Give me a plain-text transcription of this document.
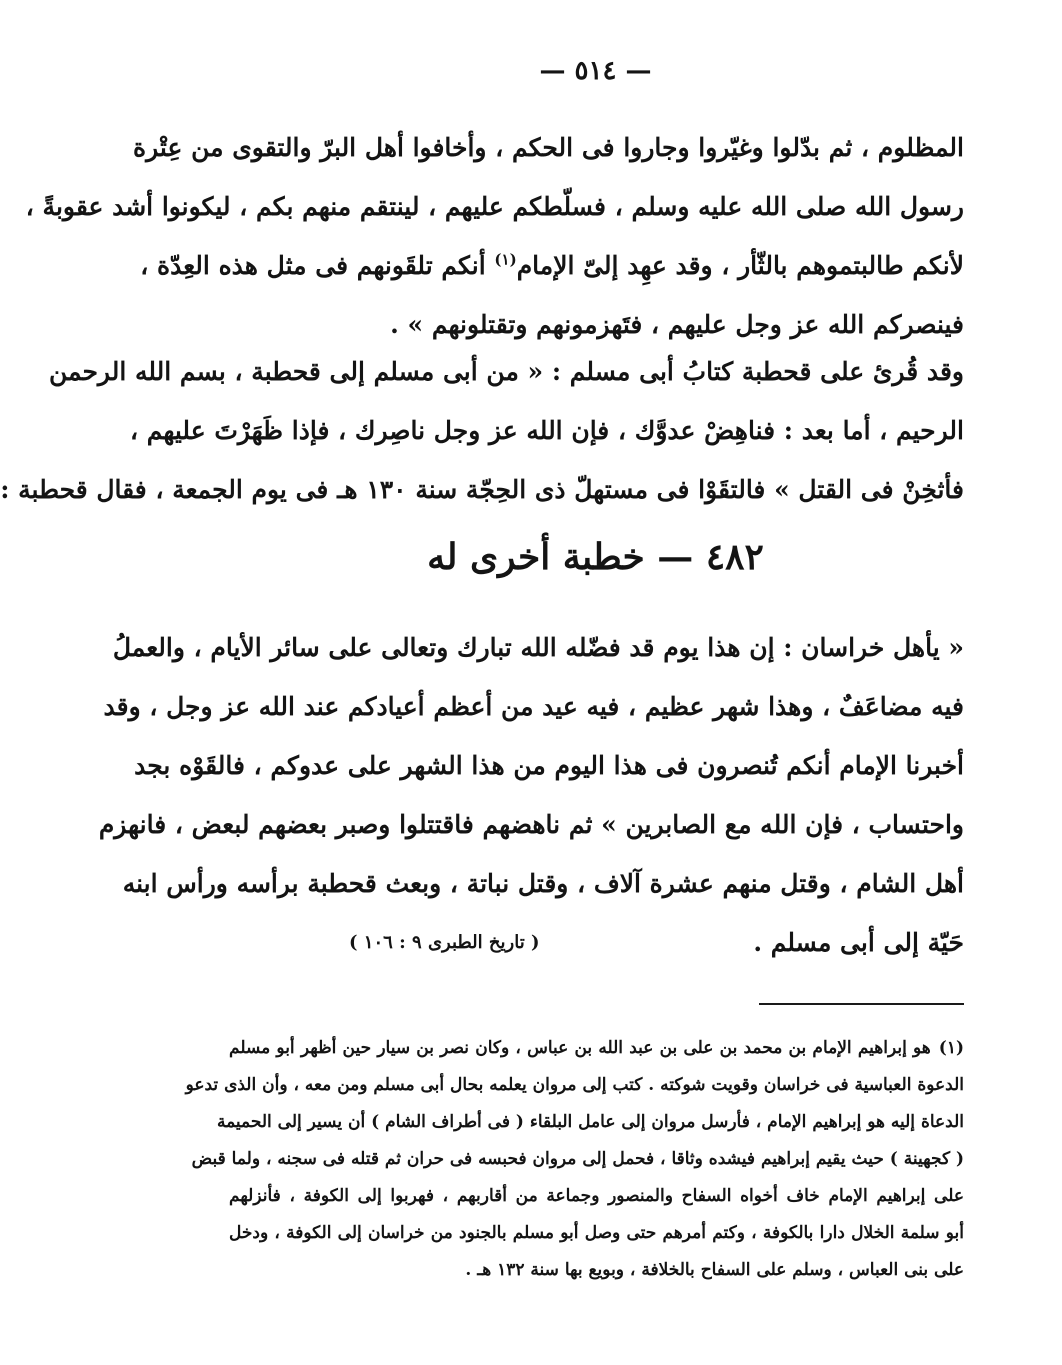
— ٥١٤ —
المظلوم ، ثم بدّلوا وغيّروا وجاروا فى الحكم ، وأخافوا أهل البرّ والتقوى من عِتْرة
رسول الله صلى الله عليه وسلم ، فسلّطكم عليهم ، لينتقم منهم بكم ، ليكونوا أشد عقوبةً ،
لأنكم طالبتموهم بالثّأر ، وقد عهِد إلىّ الإمام$^{(١)}$ أنكم تلقَونهم فى مثل هذه العِدّة ،
فينصركم الله عز وجل عليهم ، فتَهزمونهم وتقتلونهم » .
وقد قُرئ على قحطبة كتابُ أبى مسلم : « من أبى مسلم إلى قحطبة ، بسم الله الرحمن
الرحيم ، أما بعد : فناهِضْ عدوَّك ، فإن الله عز وجل ناصِرك ، فإذا ظَهَرْتَ عليهم ،
فأثخِنْ فى القتل » فالتقَوْا فى مستهلّ ذى الحِجّة سنة ١٣٠ هـ فى يوم الجمعة ، فقال قحطبة :
٤٨٢ — خطبة أخرى له
« يأهل خراسان : إن هذا يوم قد فضّله الله تبارك وتعالى على سائر الأيام ، والعملُ
فيه مضاعَفٌ ، وهذا شهر عظيم ، فيه عيد من أعظم أعيادكم عند الله عز وجل ، وقد
أخبرنا الإمام أنكم تُنصرون فى هذا اليوم من هذا الشهر على عدوكم ، فالقَوْه بجد
واحتساب ، فإن الله مع الصابرين » ثم ناهضهم فاقتتلوا وصبر بعضهم لبعض ، فانهزم
أهل الشام ، وقتل منهم عشرة آلاف ، وقتل نباتة ، وبعث قحطبة برأسه ورأس ابنه
حَيّة إلى أبى مسلم .
( تاريخ الطبرى ٩ : ١٠٦ )
(١)هو إبراهيم الإمام بن محمد بن على بن عبد الله بن عباس ، وكان نصر بن سيار حين أظهر أبو مسلم
الدعوة العباسية فى خراسان وقويت شوكته . كتب إلى مروان يعلمه بحال أبى مسلم ومن معه ، وأن الذى تدعو
الدعاة إليه هو إبراهيم الإمام ، فأرسل مروان إلى عامل البلقاء ( فى أطراف الشام ) أن يسير إلى الحميمة
( كجهينة ) حيث يقيم إبراهيم فيشده وثاقا ، فحمل إلى مروان فحبسه فى حران ثم قتله فى سجنه ، ولما قبض
على إبراهيم الإمام خاف أخواه السفاح والمنصور وجماعة من أقاربهم ، فهربوا إلى الكوفة ، فأنزلهم
أبو سلمة الخلال دارا بالكوفة ، وكتم أمرهم حتى وصل أبو مسلم بالجنود من خراسان إلى الكوفة ، ودخل
على بنى العباس ، وسلم على السفاح بالخلافة ، وبويع بها سنة ١٣٢ هـ .
